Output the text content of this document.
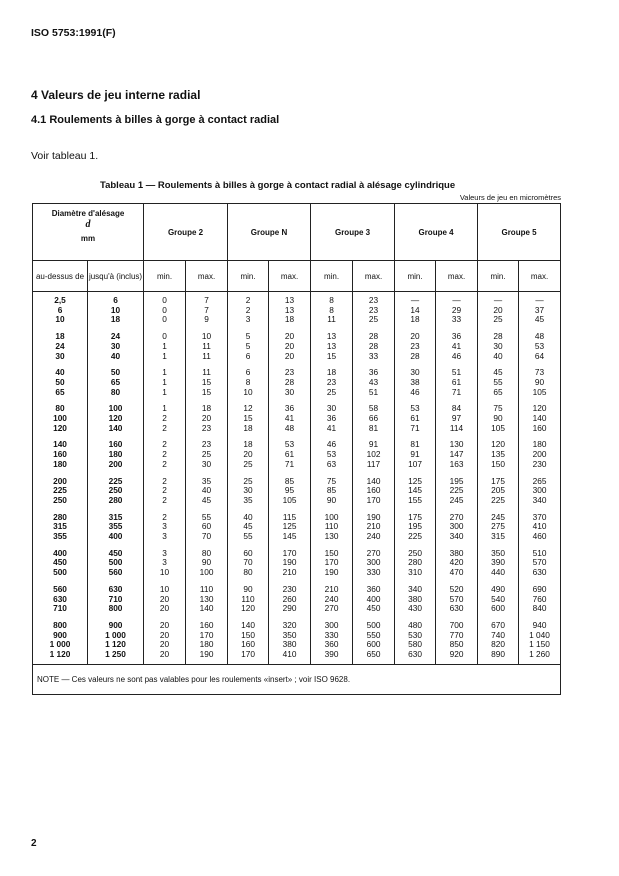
ISO 5753:1991(F)
4 Valeurs de jeu interne radial
4.1 Roulements à billes à gorge à contact radial
Voir tableau 1.
Tableau 1 — Roulements à billes à gorge à contact radial à alésage cylindrique
Valeurs de jeu en micromètres
Diamètre d'alésage
d
mm		Groupe 2		Groupe N		Groupe 3		Groupe 4		Groupe 5	
au-dessus de	jusqu'à (inclus)	min.	max.	min.	max.	min.	max.	min.	max.	min.	max.

2,5	6	0	7	2	13	8	23	—	—	—	—
6	10	0	7	2	13	8	23	14	29	20	37
10	18	0	9	3	18	11	25	18	33	25	45
18	24	0	10	5	20	13	28	20	36	28	48
24	30	1	11	5	20	13	28	23	41	30	53
30	40	1	11	6	20	15	33	28	46	40	64
40	50	1	11	6	23	18	36	30	51	45	73
50	65	1	15	8	28	23	43	38	61	55	90
65	80	1	15	10	30	25	51	46	71	65	105
80	100	1	18	12	36	30	58	53	84	75	120
100	120	2	20	15	41	36	66	61	97	90	140
120	140	2	23	18	48	41	81	71	114	105	160
140	160	2	23	18	53	46	91	81	130	120	180
160	180	2	25	20	61	53	102	91	147	135	200
180	200	2	30	25	71	63	117	107	163	150	230
200	225	2	35	25	85	75	140	125	195	175	265
225	250	2	40	30	95	85	160	145	225	205	300
250	280	2	45	35	105	90	170	155	245	225	340
280	315	2	55	40	115	100	190	175	270	245	370
315	355	3	60	45	125	110	210	195	300	275	410
355	400	3	70	55	145	130	240	225	340	315	460
400	450	3	80	60	170	150	270	250	380	350	510
450	500	3	90	70	190	170	300	280	420	390	570
500	560	10	100	80	210	190	330	310	470	440	630
560	630	10	110	90	230	210	360	340	520	490	690
630	710	20	130	110	260	240	400	380	570	540	760
710	800	20	140	120	290	270	450	430	630	600	840
800	900	20	160	140	320	300	500	480	700	670	940
900	1 000	20	170	150	350	330	550	530	770	740	1 040
1 000	1 120	20	180	160	380	360	600	580	850	820	1 150
1 120	1 250	20	190	170	410	390	650	630	920	890	1 260
NOTE — Ces valeurs ne sont pas valables pour les roulements «insert» ; voir ISO 9628.											
2
